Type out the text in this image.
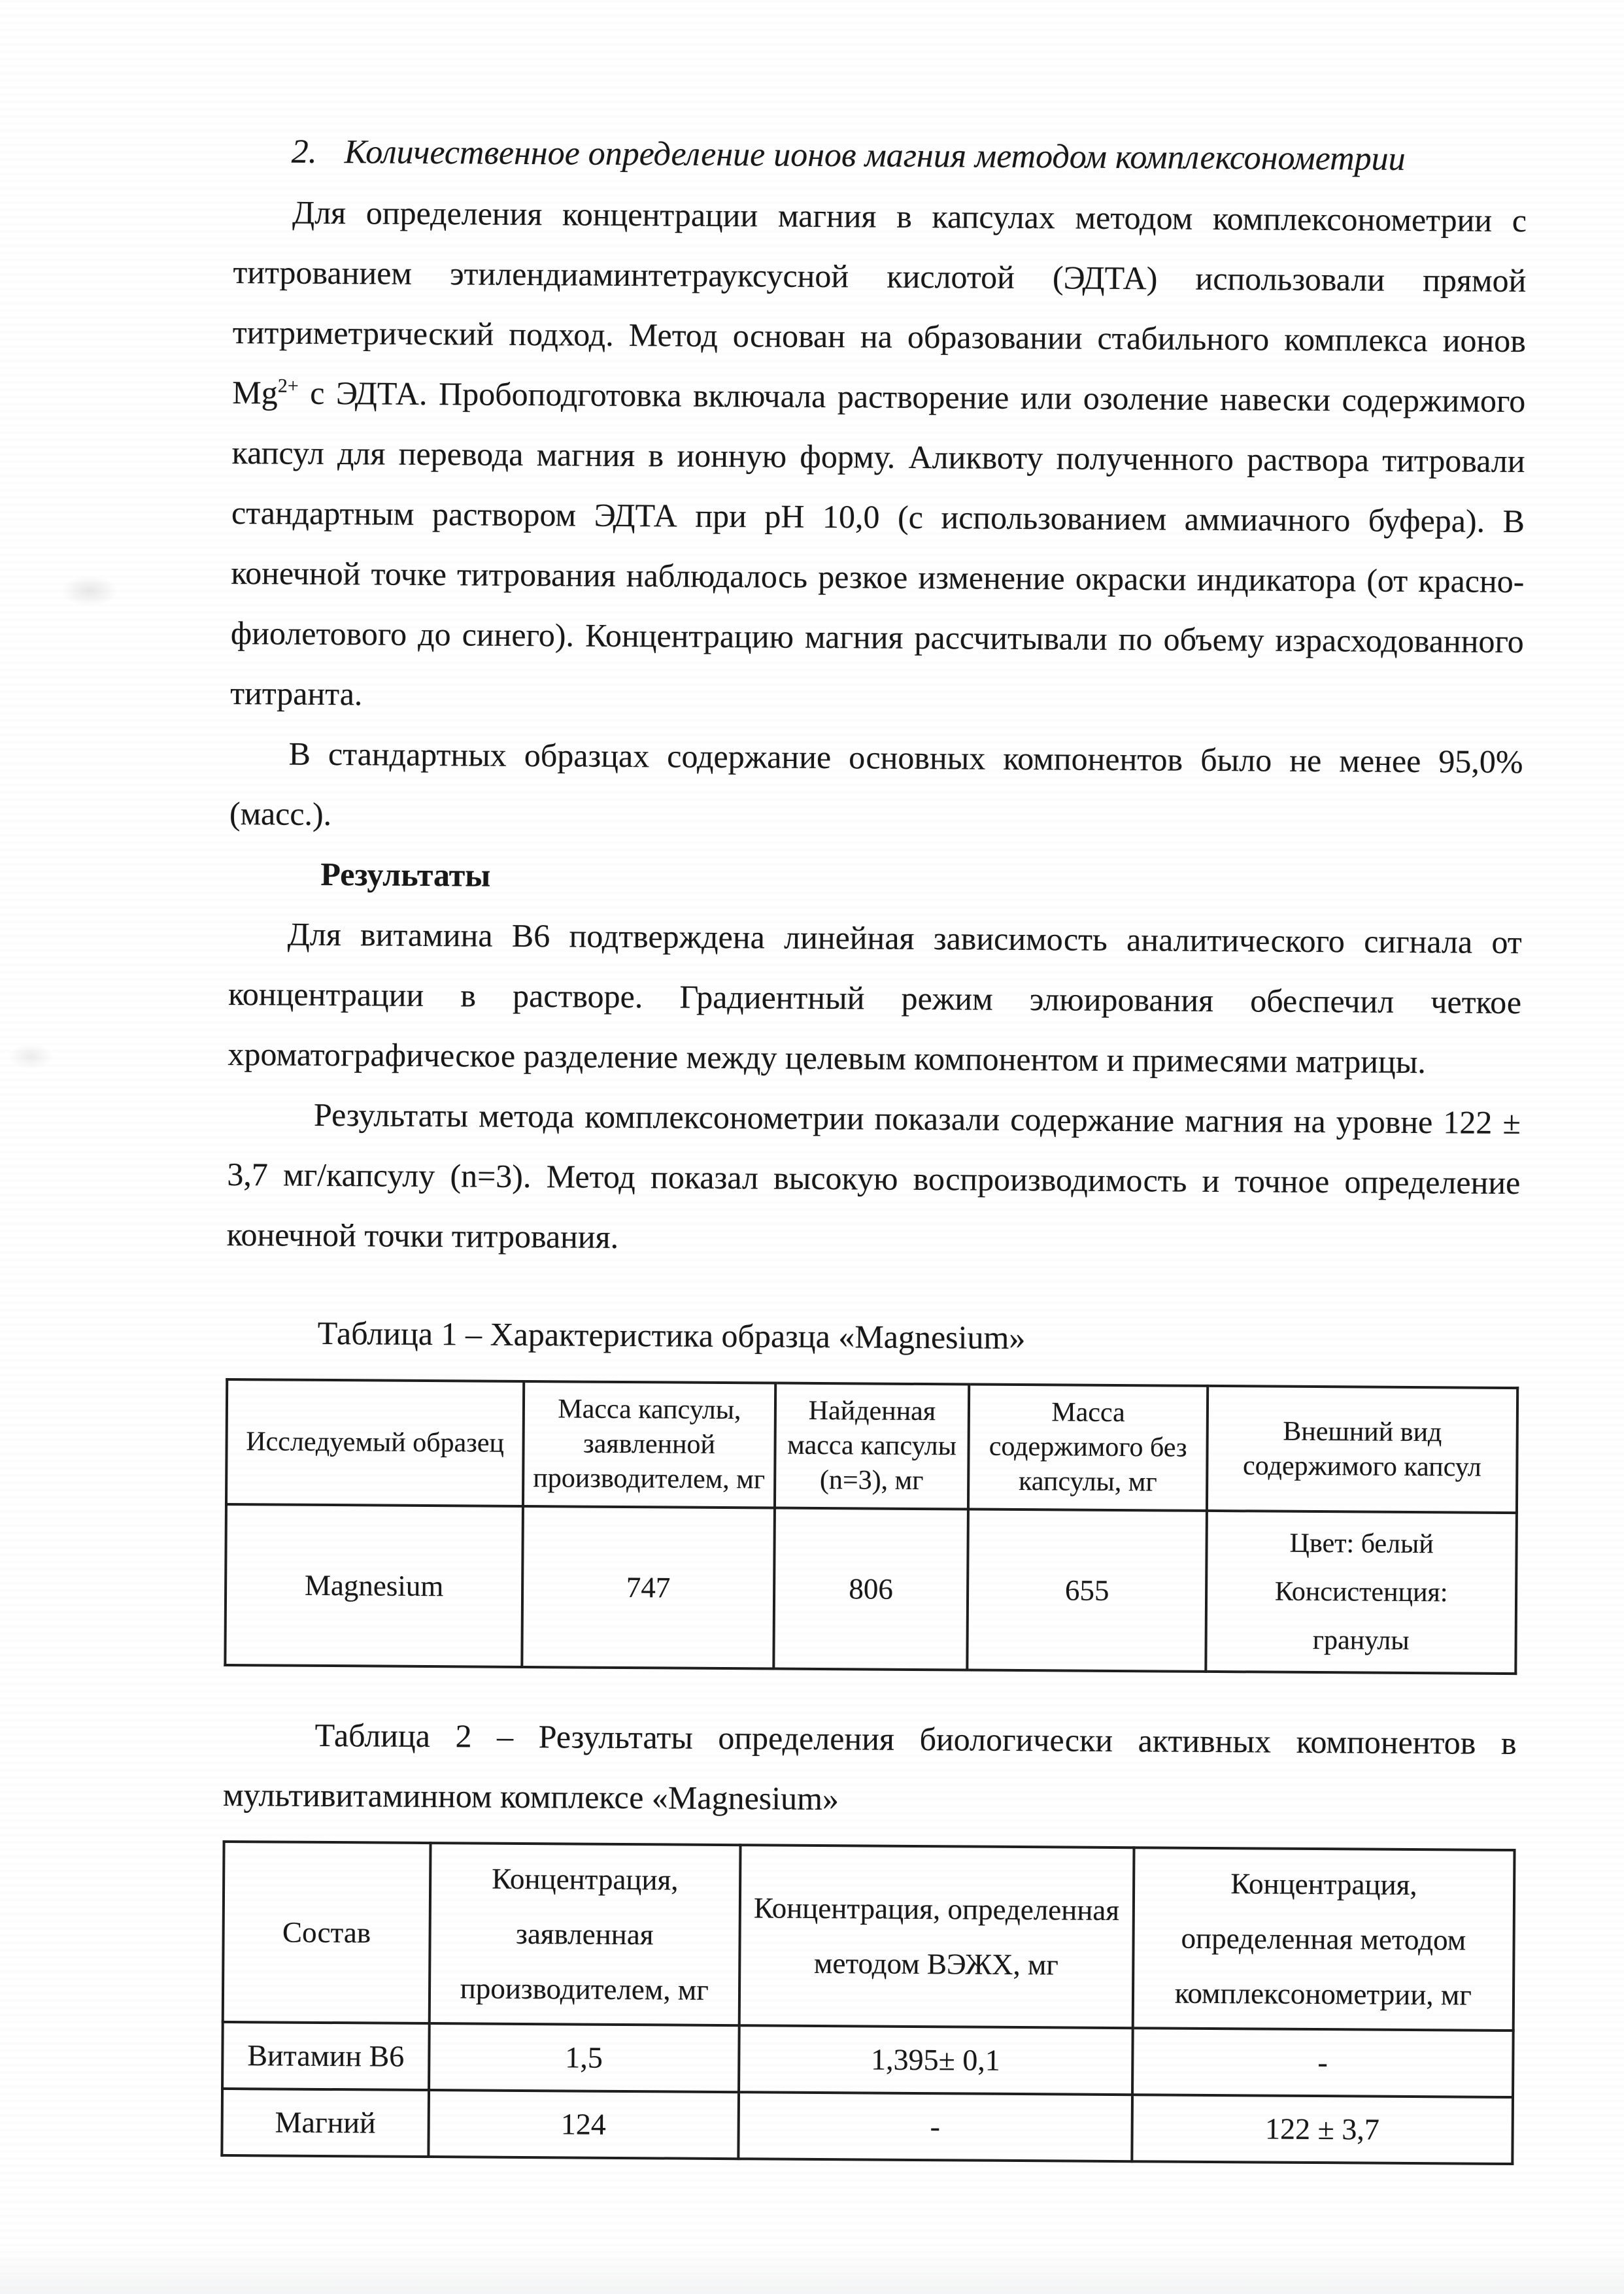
2. Количественное определение ионов магния методом комплексонометрии

Для определения концентрации магния в капсулах методом комплексонометрии с титрованием этилендиаминтетрауксусной кислотой (ЭДТА) использовали прямой титриметрический подход. Метод основан на образовании стабильного комплекса ионов $Mg^{2+}$ с ЭДТА. Пробоподготовка включала растворение или озоление навески содержимого капсул для перевода магния в ионную форму. Аликвоту полученного раствора титровали стандартным раствором ЭДТА при рН 10,0 (с использованием аммиачного буфера). В конечной точке титрования наблюдалось резкое изменение окраски индикатора (от красно-фиолетового до синего). Концентрацию магния рассчитывали по объему израсходованного титранта.

В стандартных образцах содержание основных компонентов было не менее 95,0% (масс.).

Результаты

Для витамина В6 подтверждена линейная зависимость аналитического сигнала от концентрации в растворе. Градиентный режим элюирования обеспечил четкое хроматографическое разделение между целевым компонентом и примесями матрицы.

Результаты метода комплексонометрии показали содержание магния на уровне 122 ± 3,7 мг/капсулу (n=3). Метод показал высокую воспроизводимость и точное определение конечной точки титрования.

Таблица 1 – Характеристика образца «Magnesium»

Исследуемый образец	Масса капсулы, заявленной производителем, мг	Найденная масса капсулы (n=3), мг	Масса содержимого без капсулы, мг	Внешний вид содержимого капсул
Magnesium	747	806	655	Цвет: белый
Консистенция:
гранулы

Таблица 2 – Результаты определения биологически активных компонентов в мультивитаминном комплексе «Magnesium»

Состав	Концентрация, заявленная производителем, мг	Концентрация, определенная методом ВЭЖХ, мг	Концентрация, определенная методом комплексонометрии, мг
Витамин В6	1,5	1,395± 0,1	-
Магний	124	-	122 ± 3,7
